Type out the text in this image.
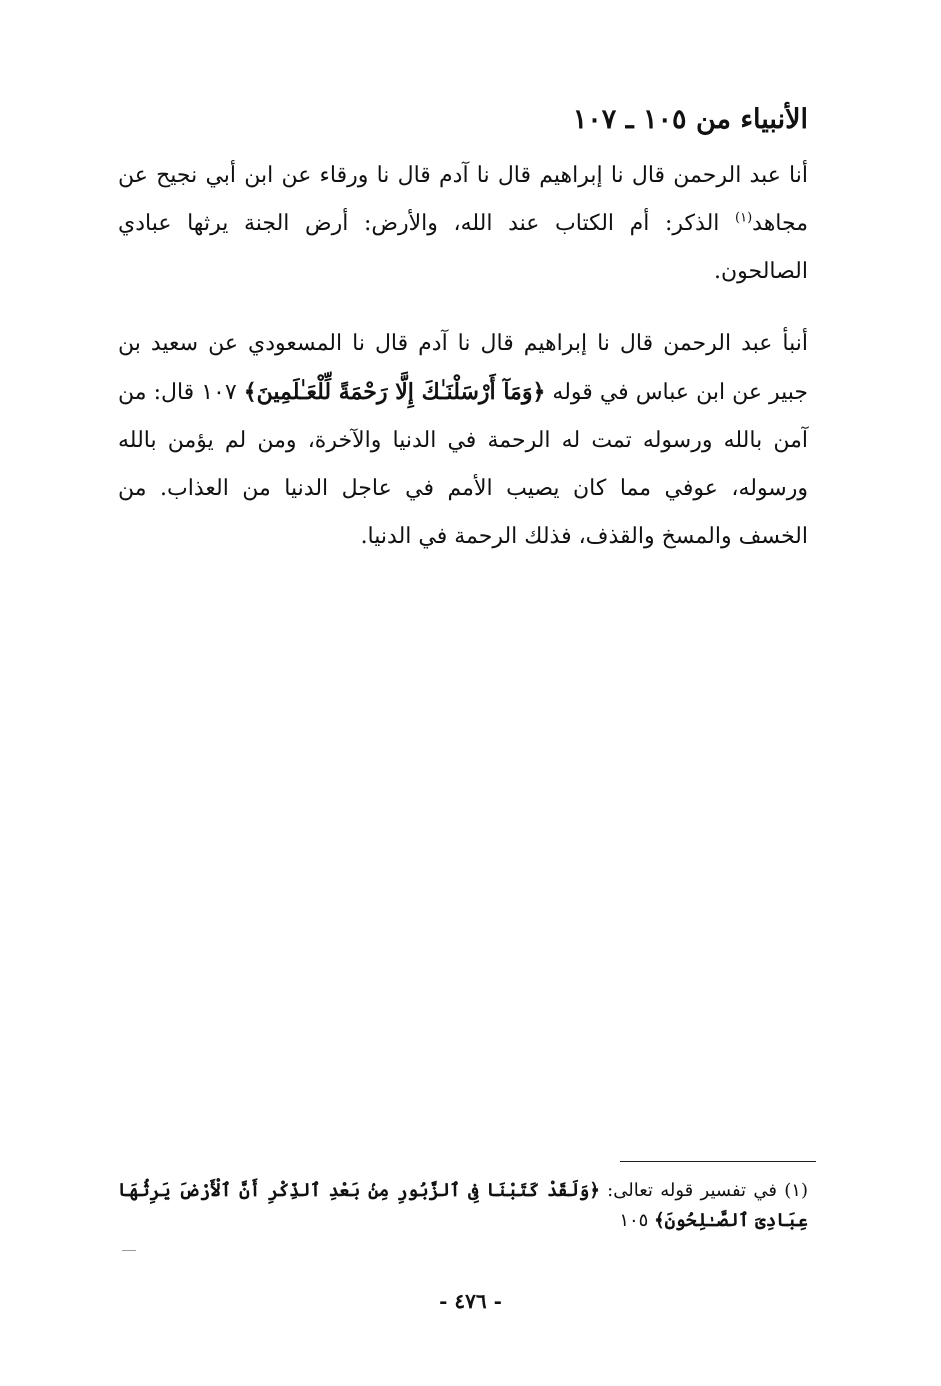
الأنبياء من ١٠٥ ـ ١٠٧

أنا عبد الرحمن قال نا إبراهيم قال نا آدم قال نا ورقاء عن ابن أبي نجيح عن مجاهد$^{(١)}$ الذكر: أم الكتاب عند الله، والأرض: أرض الجنة يرثها عبادي الصالحون.

أنبأ عبد الرحمن قال نا إبراهيم قال نا آدم قال نا المسعودي عن سعيد بن جبير عن ابن عباس في قوله ﴿وَمَآ أَرْسَلْنَـٰكَ إِلَّا رَحْمَةً لِّلْعَـٰلَمِينَ﴾ ١٠٧ قال: من آمن بالله ورسوله تمت له الرحمة في الدنيا والآخرة، ومن لم يؤمن بالله ورسوله، عوفي مما كان يصيب الأمم في عاجل الدنيا من العذاب. من الخسف والمسخ والقذف، فذلك الرحمة في الدنيا.

(١) في تفسير قوله تعالى: ﴿وَلَقَدْ كَتَبْنَا فِى ٱلزَّبُورِ مِنۢ بَعْدِ ٱلذِّكْرِ أَنَّ ٱلْأَرْضَ يَرِثُهَا عِبَادِىَ ٱلصَّـٰلِحُونَ﴾ ١٠٥

- ٤٧٦ -
